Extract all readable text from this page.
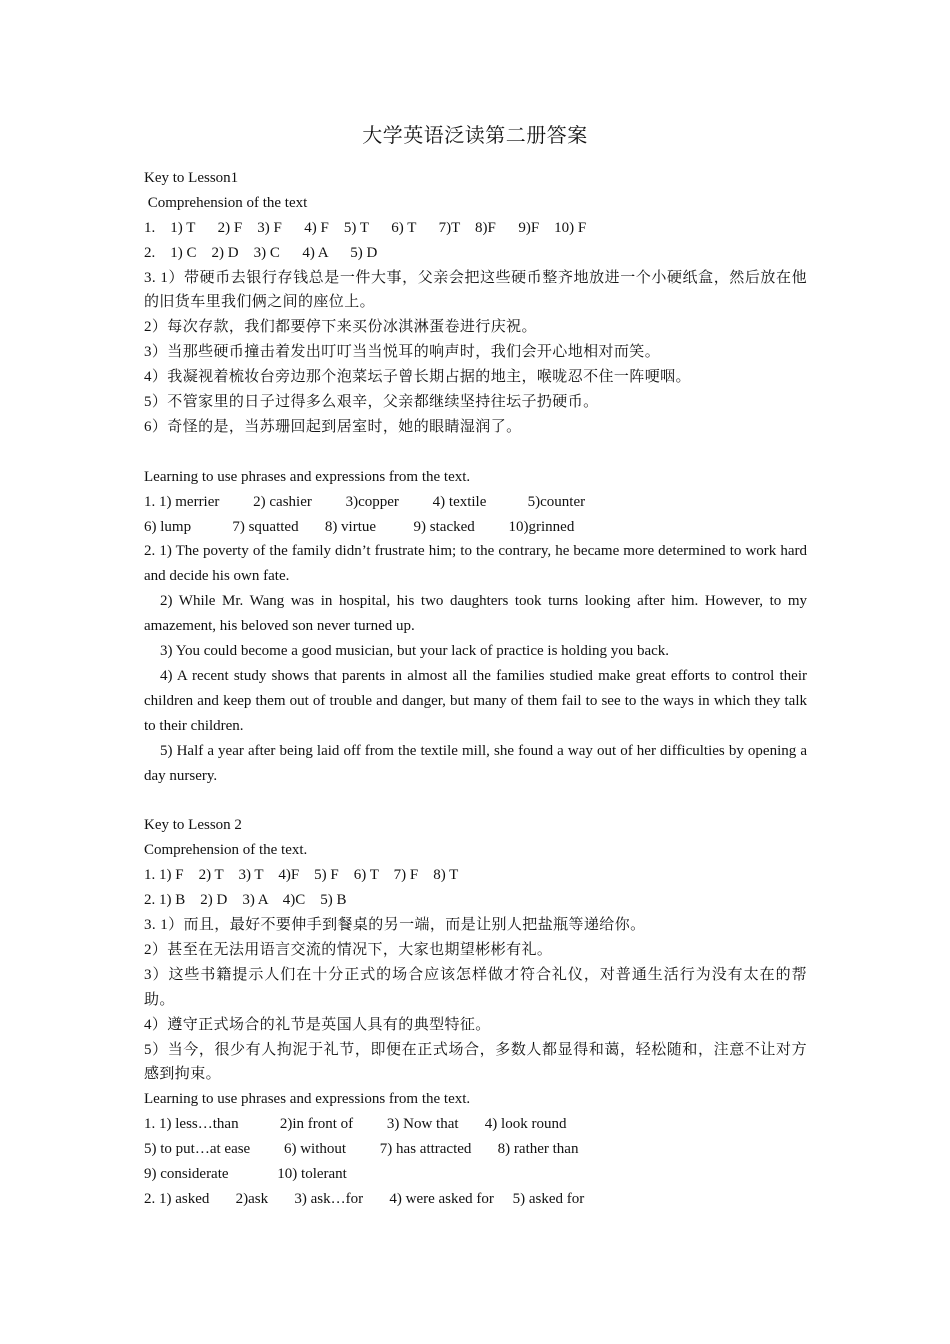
大学英语泛读第二册答案
Key to Lesson1
Comprehension of the text
1.    1) T      2) F    3) F      4) F    5) T      6) T      7)T    8)F      9)F    10) F
2.    1) C    2) D    3) C      4) A      5) D
3. 1）带硬币去银行存钱总是一件大事，父亲会把这些硬币整齐地放进一个小硬纸盒，然后放在他的旧货车里我们俩之间的座位上。
2）每次存款，我们都要停下来买份冰淇淋蛋卷进行庆祝。
3）当那些硬币撞击着发出叮叮当当悦耳的响声时，我们会开心地相对而笑。
4）我凝视着梳妆台旁边那个泡菜坛子曾长期占据的地主，喉咙忍不住一阵哽咽。
5）不管家里的日子过得多么艰辛，父亲都继续坚持往坛子扔硬币。
6）奇怪的是，当苏珊回起到居室时，她的眼睛湿润了。
Learning to use phrases and expressions from the text.
1. 1) merrier         2) cashier         3)copper         4) textile           5)counter
6) lump           7) squatted       8) virtue          9) stacked         10)grinned
2. 1) The poverty of the family didn’t frustrate him; to the contrary, he became more determined to work hard and decide his own fate.
2) While Mr. Wang was in hospital, his two daughters took turns looking after him. However, to my amazement, his beloved son never turned up.
3) You could become a good musician, but your lack of practice is holding you back.
4) A recent study shows that parents in almost all the families studied make great efforts to control their children and keep them out of trouble and danger, but many of them fail to see to the ways in which they talk to their children.
5) Half a year after being laid off from the textile mill, she found a way out of her difficulties by opening a day nursery.
Key to Lesson 2
Comprehension of the text.
1. 1) F    2) T    3) T    4)F    5) F    6) T    7) F    8) T
2. 1) B    2) D    3) A    4)C    5) B
3. 1）而且，最好不要伸手到餐桌的另一端，而是让别人把盐瓶等递给你。
2）甚至在无法用语言交流的情况下，大家也期望彬彬有礼。
3）这些书籍提示人们在十分正式的场合应该怎样做才符合礼仪，对普通生活行为没有太在的帮助。
4）遵守正式场合的礼节是英国人具有的典型特征。
5）当今，很少有人拘泥于礼节，即便在正式场合，多数人都显得和蔼，轻松随和，注意不让对方感到拘束。
Learning to use phrases and expressions from the text.
1. 1) less…than           2)in front of         3) Now that       4) look round
5) to put…at ease         6) without         7) has attracted       8) rather than
9) considerate             10) tolerant
2. 1) asked       2)ask       3) ask…for       4) were asked for     5) asked for
